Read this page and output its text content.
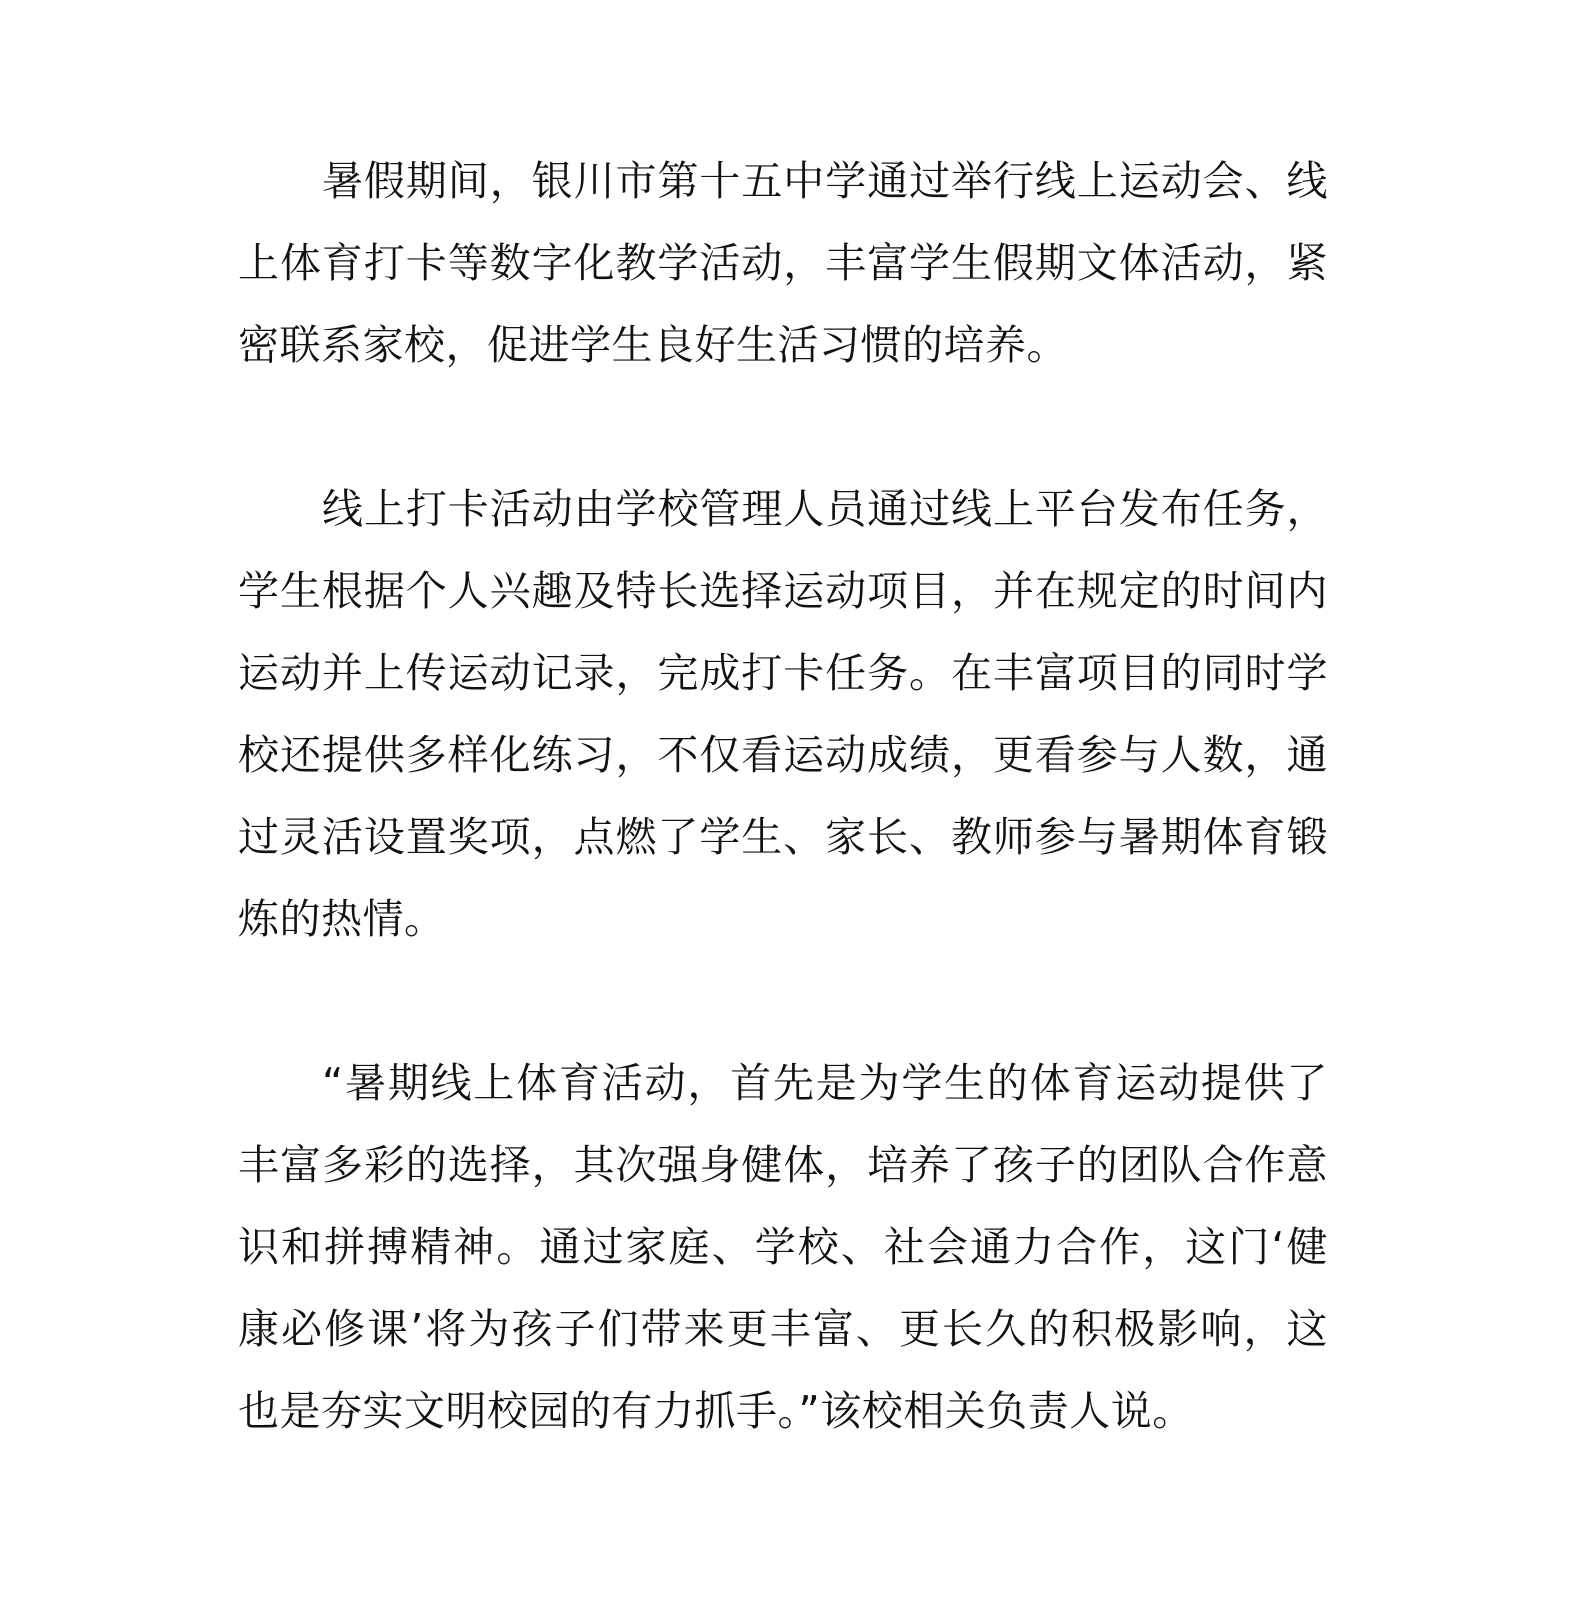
暑假期间，银川市第十五中学通过举行线上运动会、线上体育打卡等数字化教学活动，丰富学生假期文体活动，紧密联系家校，促进学生良好生活习惯的培养。

线上打卡活动由学校管理人员通过线上平台发布任务，学生根据个人兴趣及特长选择运动项目，并在规定的时间内运动并上传运动记录，完成打卡任务。在丰富项目的同时学校还提供多样化练习，不仅看运动成绩，更看参与人数，通过灵活设置奖项，点燃了学生、家长、教师参与暑期体育锻炼的热情。

“暑期线上体育活动，首先是为学生的体育运动提供了丰富多彩的选择，其次强身健体，培养了孩子的团队合作意识和拼搏精神。通过家庭、学校、社会通力合作，这门‘健康必修课’将为孩子们带来更丰富、更长久的积极影响，这也是夯实文明校园的有力抓手。”该校相关负责人说。
